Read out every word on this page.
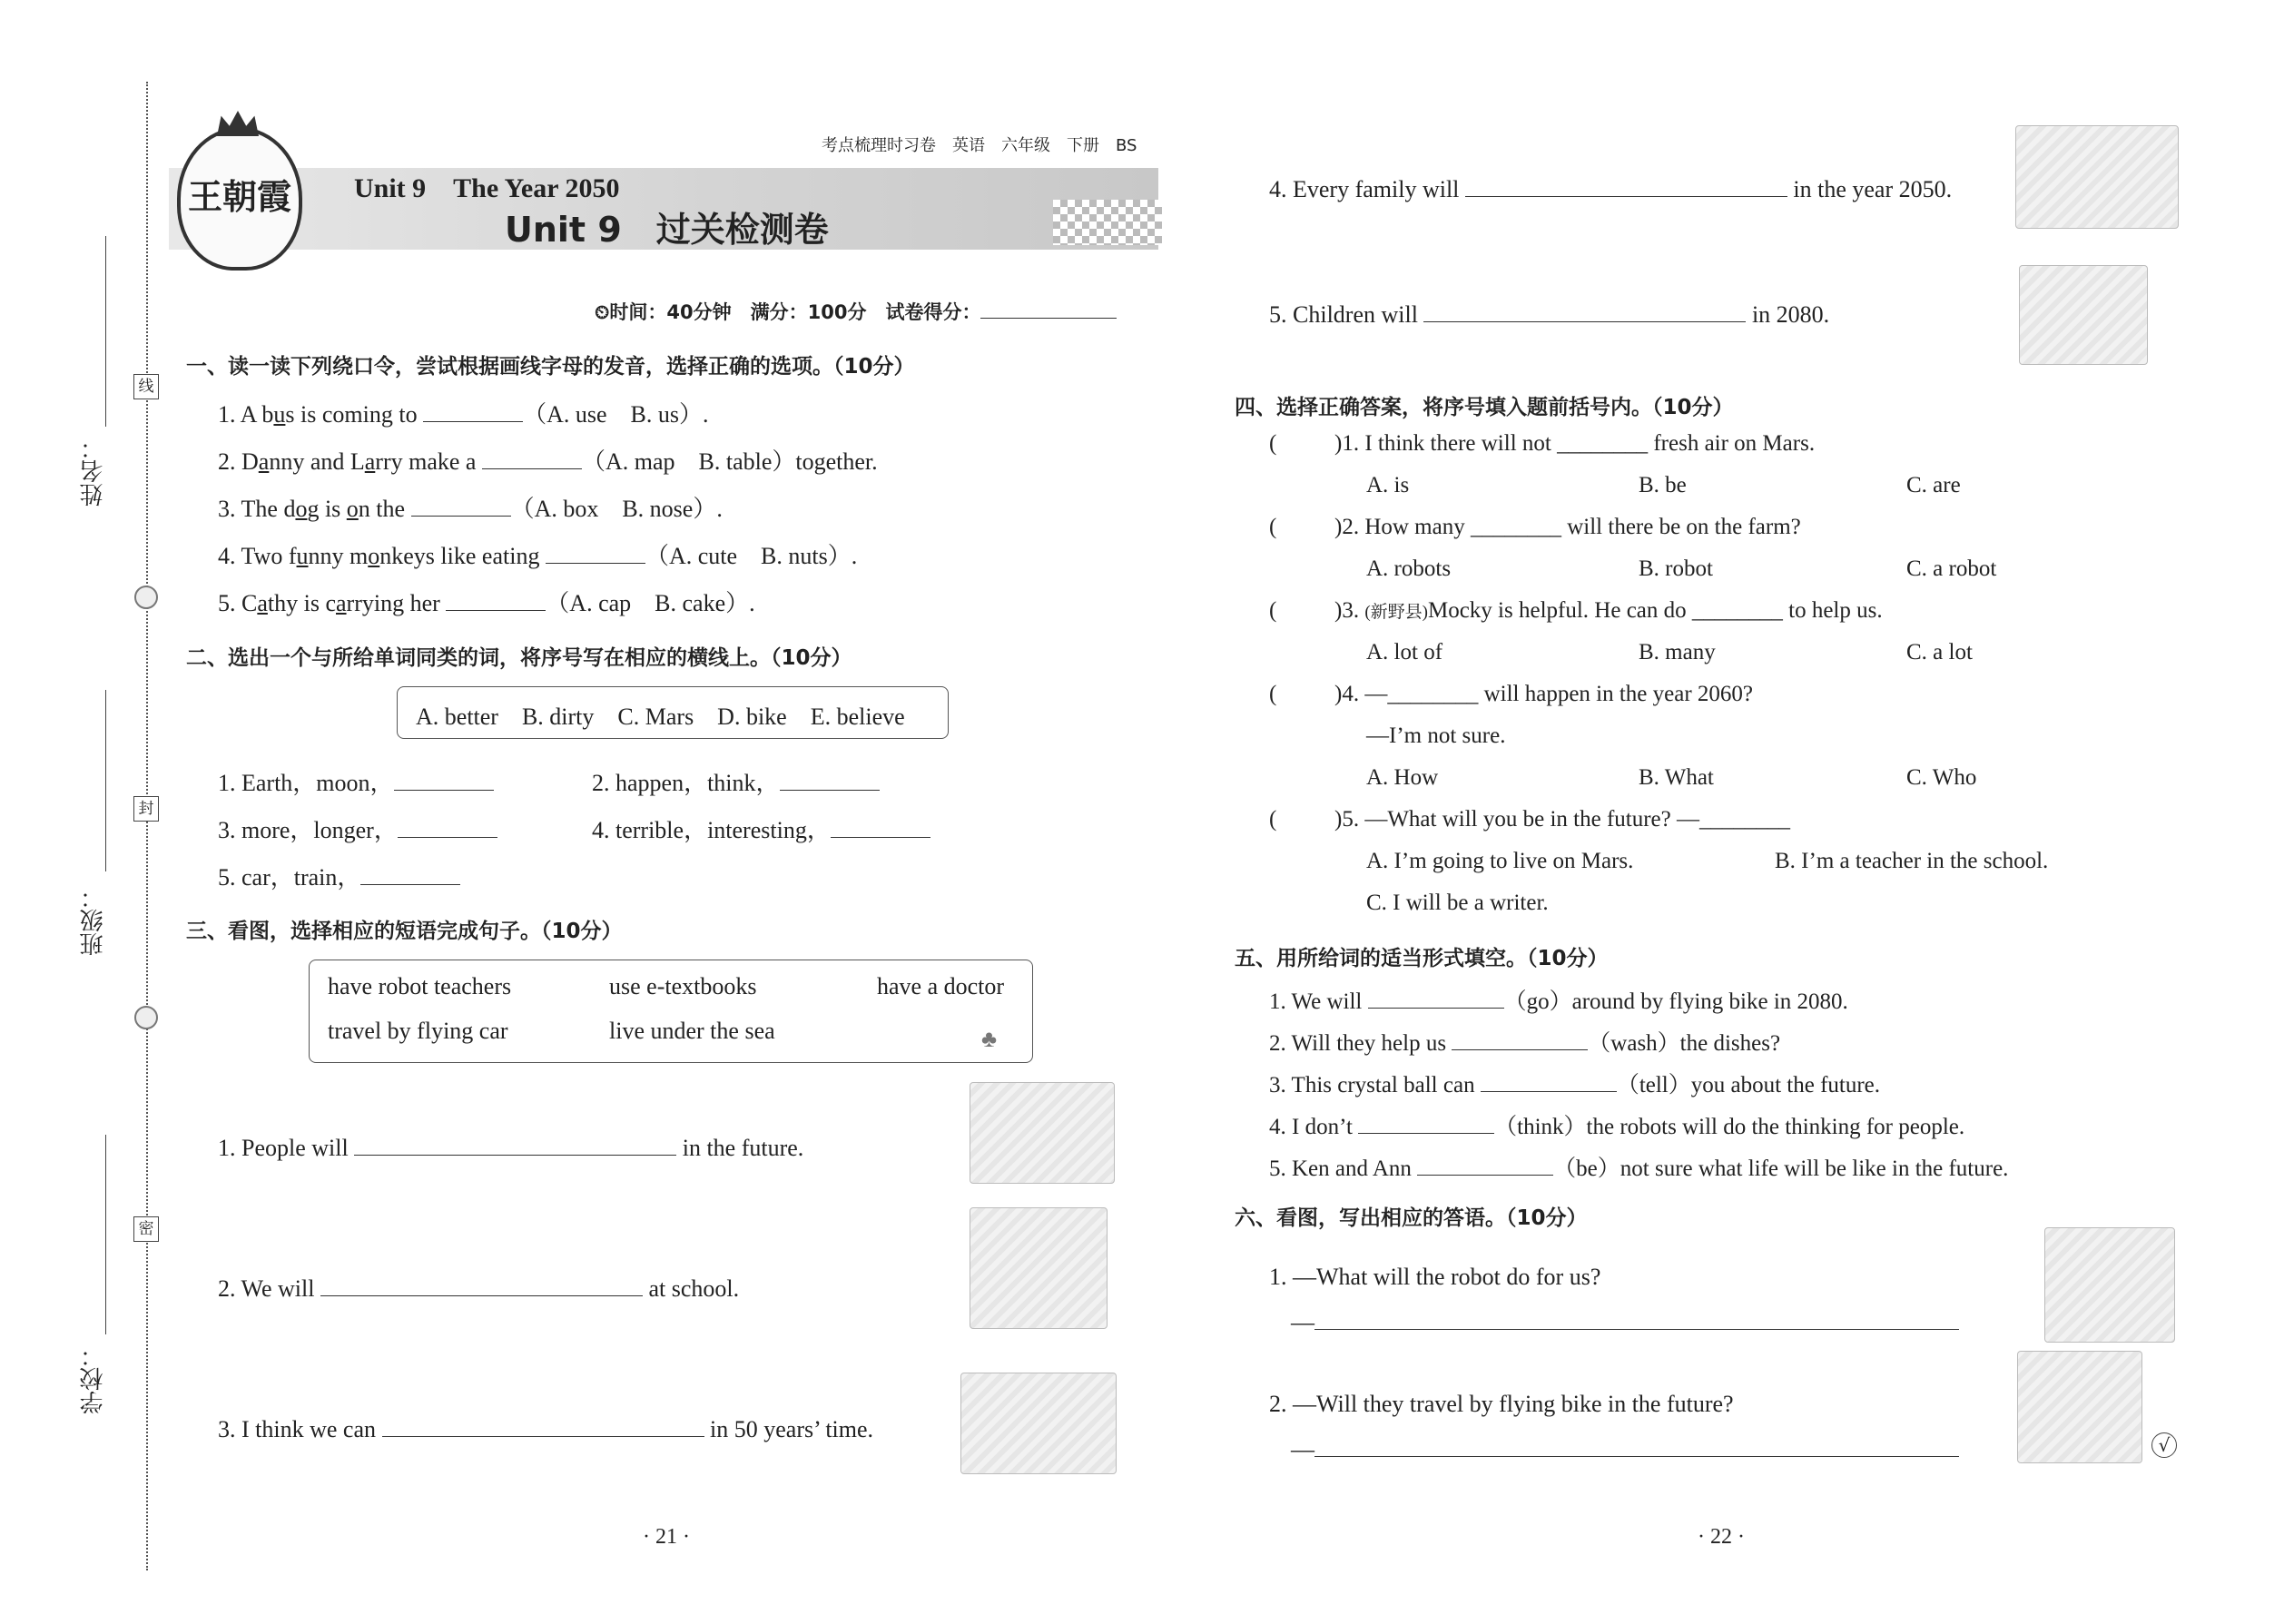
姓名：
班级：
学校：
线
封
密
考点梳理时习卷　英语　六年级　下册　BS
王朝霞 Unit 9　The Year 2050
Unit 9　过关检测卷
⏲时间：40分钟　满分：100分　试卷得分：
一、读一读下列绕口令，尝试根据画线字母的发音，选择正确的选项。（10分）
1. A bus is coming to	（A. use　B. us）.
2. Danny and Larry make a	（A. map　B. table）together.
3. The dog is on the	（A. box　B. nose）.
4. Two funny monkeys like eating	（A. cute　B. nuts）.
5. Cathy is carrying her	（A. cap　B. cake）.
二、选出一个与所给单词同类的词，将序号写在相应的横线上。（10分）
A. better　B. dirty　C. Mars　D. bike　E. believe
1. Earth，moon，	2. happen，think，
3. more，longer，	4. terrible，interesting，
5. car，train，
三、看图，选择相应的短语完成句子。（10分）
have robot teachers	use e-textbooks	have a doctor
travel by flying car	live under the sea	♣
1. People will	in the future.
2. We will	at school.
3. I think we can	in 50 years’ time.
4. Every family will	in the year 2050.
5. Children will	in 2080.
四、选择正确答案，将序号填入题前括号内。（10分）
(	)1. I think there will not ________ fresh air on Mars.
A. is	B. be	C. are
(	)2. How many ________ will there be on the farm?
A. robots	B. robot	C. a robot
(	)3. (新野县)Mocky is helpful. He can do ________ to help us.
A. lot of	B. many	C. a lot
(	)4. —________ will happen in the year 2060?
—I’m not sure.
A. How	B. What	C. Who
(	)5. —What will you be in the future? —________
A. I’m going to live on Mars.	B. I’m a teacher in the school.
C. I will be a writer.
五、用所给词的适当形式填空。（10分）
1. We will	（go）around by flying bike in 2080.
2. Will they help us	（wash）the dishes?
3. This crystal ball can	（tell）you about the future.
4. I don’t	（think）the robots will do the thinking for people.
5. Ken and Ann	（be）not sure what life will be like in the future.
六、看图，写出相应的答语。（10分）
1. —What will the robot do for us?
—
2. —Will they travel by flying bike in the future?
—	√
· 21 ·	· 22 ·
